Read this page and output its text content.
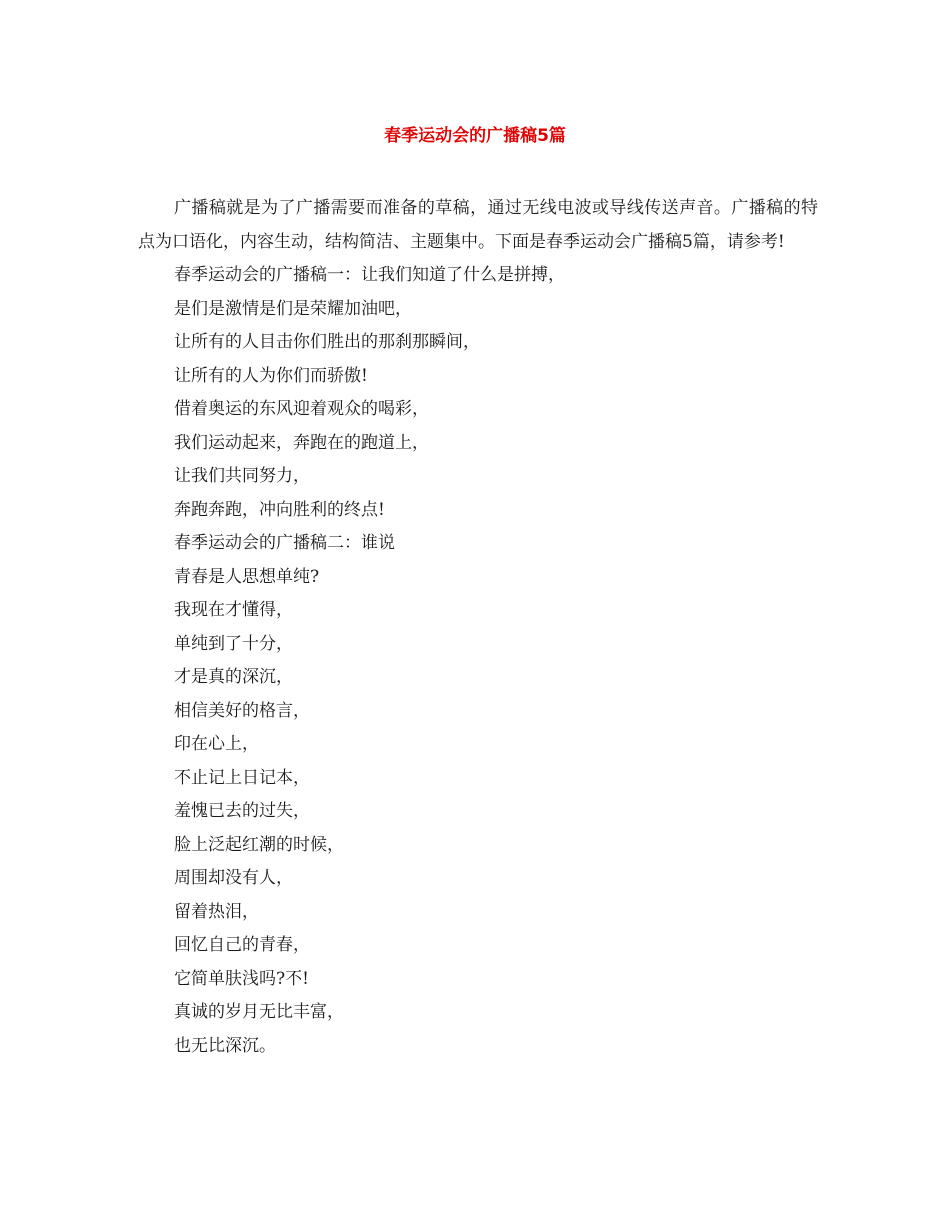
春季运动会的广播稿5篇

广播稿就是为了广播需要而准备的草稿，通过无线电波或导线传送声音。广播稿的特点为口语化，内容生动，结构简洁、主题集中。下面是春季运动会广播稿5篇，请参考!

春季运动会的广播稿一：让我们知道了什么是拼搏，
是们是激情是们是荣耀加油吧，
让所有的人目击你们胜出的那刹那瞬间，
让所有的人为你们而骄傲!
借着奥运的东风迎着观众的喝彩，
我们运动起来，奔跑在的跑道上，
让我们共同努力，
奔跑奔跑，冲向胜利的终点!
春季运动会的广播稿二：谁说
青春是人思想单纯?
我现在才懂得，
单纯到了十分，
才是真的深沉，
相信美好的格言，
印在心上，
不止记上日记本，
羞愧已去的过失，
脸上泛起红潮的时候，
周围却没有人，
留着热泪，
回忆自己的青春，
它简单肤浅吗?不!
真诚的岁月无比丰富，
也无比深沉。
